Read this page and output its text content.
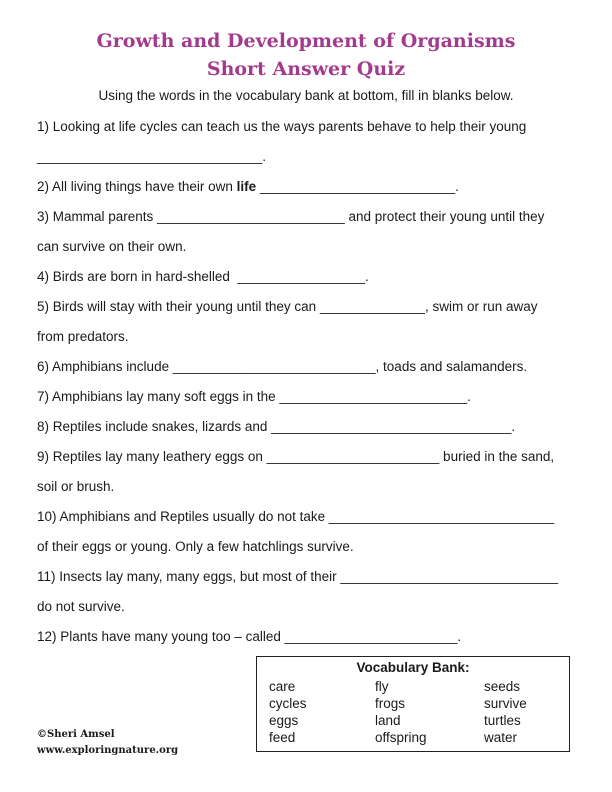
Growth and Development of Organisms
Short Answer Quiz
Using the words in the vocabulary bank at bottom, fill in blanks below.
1) Looking at life cycles can teach us the ways parents behave to help their young
______________________________.
2) All living things have their own life __________________________.
3) Mammal parents _________________________ and protect their young until they
can survive on their own.
4) Birds are born in hard-shelled  _________________.
5) Birds will stay with their young until they can ______________, swim or run away
from predators.
6) Amphibians include ___________________________, toads and salamanders.
7) Amphibians lay many soft eggs in the _________________________.
8) Reptiles include snakes, lizards and ________________________________.
9) Reptiles lay many leathery eggs on _______________________ buried in the sand,
soil or brush.
10) Amphibians and Reptiles usually do not take ______________________________
of their eggs or young. Only a few hatchlings survive.
11) Insects lay many, many eggs, but most of their _____________________________
do not survive.
12) Plants have many young too – called _______________________.
Vocabulary Bank:
care
cycles
eggs
feed
fly
frogs
land
offspring
seeds
survive
turtles
water
©Sheri Amsel
www.exploringnature.org
